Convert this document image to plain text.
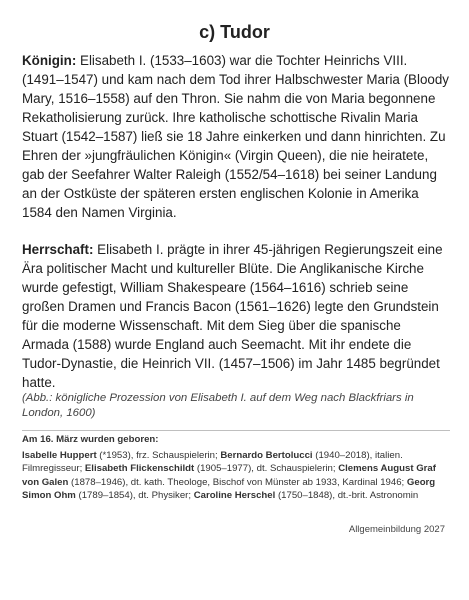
c) Tudor
Königin: Elisabeth I. (1533–1603) war die Tochter Heinrichs VIII. (1491–1547) und kam nach dem Tod ihrer Halbschwester Maria (Bloody Mary, 1516–1558) auf den Thron. Sie nahm die von Maria begonnene Rekatholisierung zurück. Ihre katholische schottische Rivalin Maria Stuart (1542–1587) ließ sie 18 Jahre einkerken und dann hinrichten. Zu Ehren der »jungfräulichen Königin« (Virgin Queen), die nie heiratete, gab der Seefahrer Walter Raleigh (1552/54–1618) bei seiner Landung an der Ostküste der späteren ersten englischen Kolonie in Amerika 1584 den Namen Virginia.
Herrschaft: Elisabeth I. prägte in ihrer 45-jährigen Regierungszeit eine Ära politischer Macht und kultureller Blüte. Die Anglikanische Kirche wurde gefestigt, William Shakespeare (1564–1616) schrieb seine großen Dramen und Francis Bacon (1561–1626) legte den Grundstein für die moderne Wissenschaft. Mit dem Sieg über die spanische Armada (1588) wurde England auch Seemacht. Mit ihr endete die Tudor-Dynastie, die Heinrich VII. (1457–1506) im Jahr 1485 begründet hatte.
(Abb.: königliche Prozession von Elisabeth I. auf dem Weg nach Blackfriars in London, 1600)
Am 16. März wurden geboren:
Isabelle Huppert (*1953), frz. Schauspielerin; Bernardo Bertolucci (1940–2018), italien. Filmregisseur; Elisabeth Flickenschildt (1905–1977), dt. Schauspielerin; Clemens August Graf von Galen (1878–1946), dt. kath. Theologe, Bischof von Münster ab 1933, Kardinal 1946; Georg Simon Ohm (1789–1854), dt. Physiker; Caroline Herschel (1750–1848), dt.-brit. Astronomin
Allgemeinbildung 2027
